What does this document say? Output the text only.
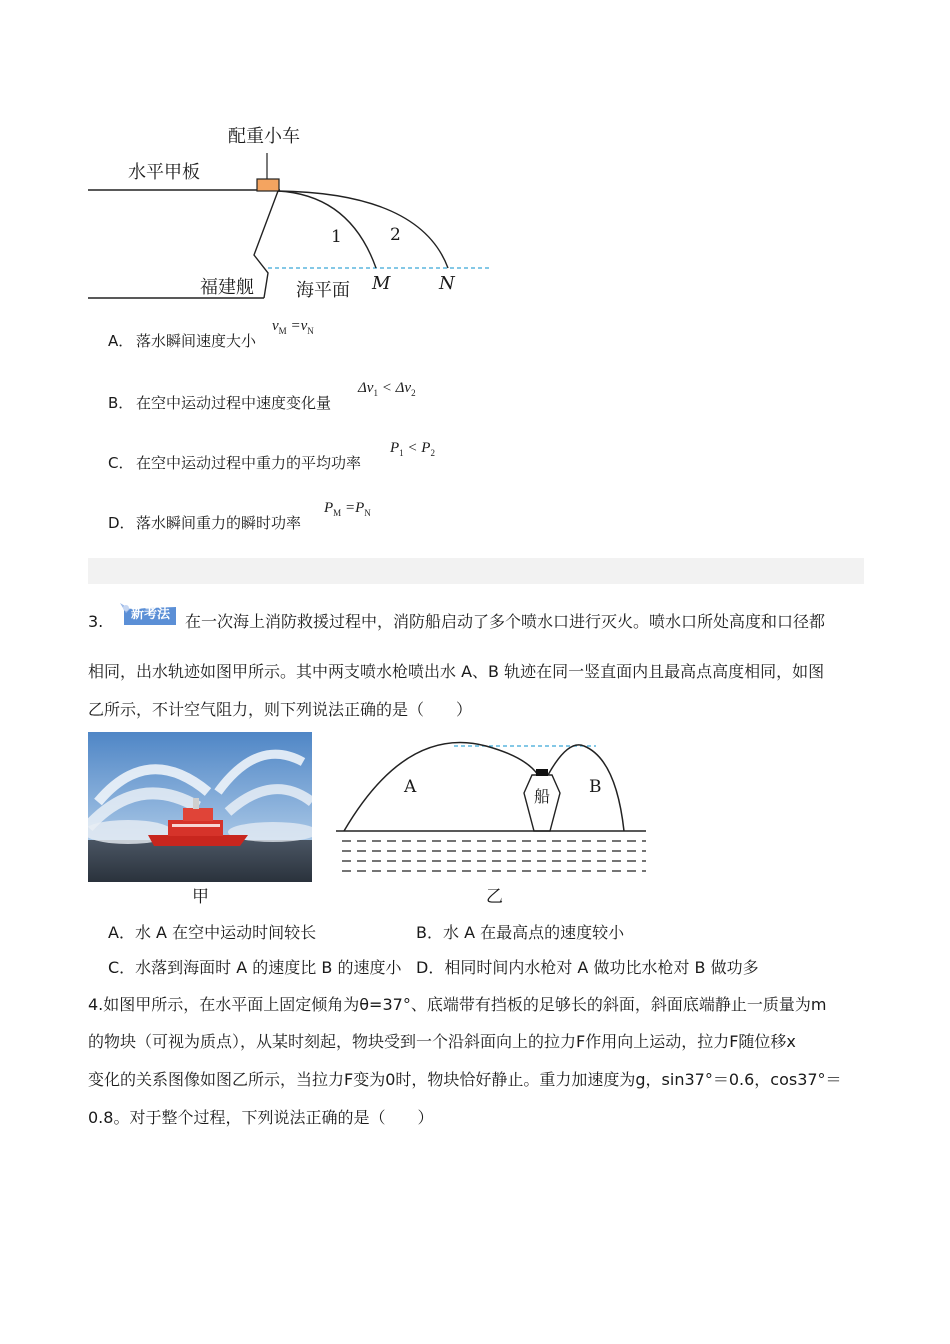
配重小车
水平甲板
1	2
福建舰 海平面 M	N
A． 落水瞬间速度大小
$v_M =v_N$
B． 在空中运动过程中速度变化量
$\Delta v_1 < \Delta v_2$
C． 在空中运动过程中重力的平均功率
$P_1 < P_2$
D． 落水瞬间重力的瞬时功率
$P_M =P_N$
3. 新考法 在一次海上消防救援过程中，消防船启动了多个喷水口进行灭火。喷水口所处高度和口径都
相同，出水轨迹如图甲所示。其中两支喷水枪喷出水 A、B 轨迹在同一竖直面内且最高点高度相同，如图
乙所示，不计空气阻力，则下列说法正确的是（　　）
甲
A	B
船
乙
A．水 A 在空中运动时间较长	B．水 A 在最高点的速度较小
C．水落到海面时 A 的速度比 B 的速度小 D．相同时间内水枪对 A 做功比水枪对 B 做功多
4.如图甲所示，在水平面上固定倾角为θ=37°、底端带有挡板的足够长的斜面，斜面底端静止一质量为m
的物块（可视为质点），从某时刻起，物块受到一个沿斜面向上的拉力F作用向上运动，拉力F随位移x
变化的关系图像如图乙所示，当拉力F变为0时，物块恰好静止。重力加速度为g，sin37°＝0.6，cos37°＝
0.8。对于整个过程，下列说法正确的是（　　）
